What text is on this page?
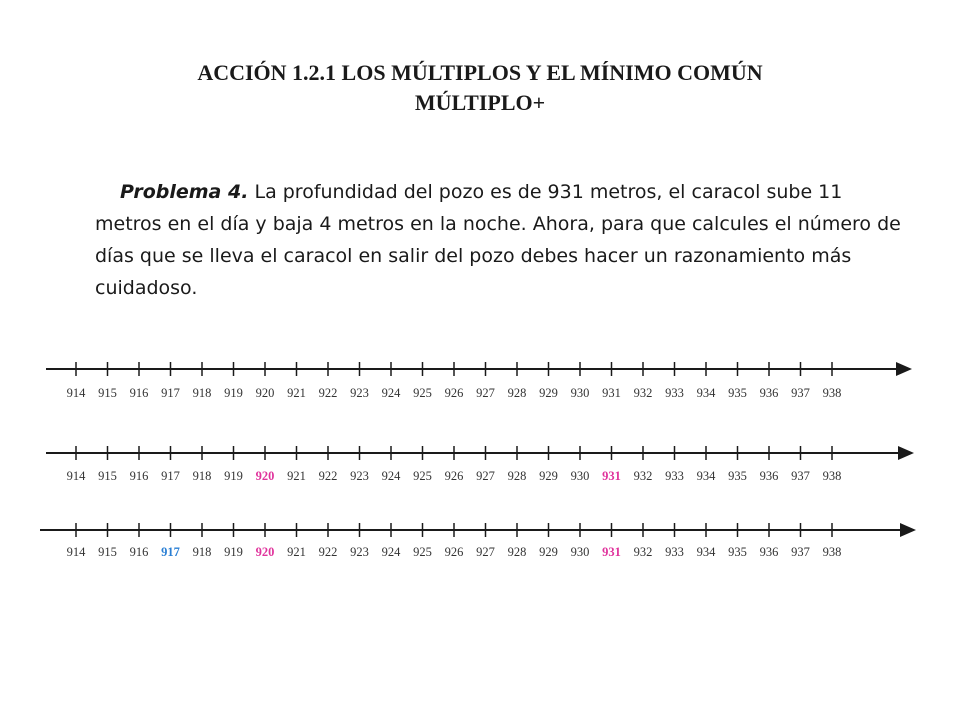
ACCIÓN 1.2.1 LOS MÚLTIPLOS Y EL MÍNIMO COMÚN
MÚLTIPLO+
Problema 4. La profundidad del pozo es de 931 metros, el caracol sube 11 metros en el día y baja 4 metros en la noche. Ahora, para que calcules el número de días que se lleva el caracol en salir del pozo debes hacer un razonamiento más cuidadoso.
914 915 916 917 918 919 920 921 922 923 924 925 926 927 928 929 930 931 932 933 934 935 936 937 938
914 915 916 917 918 919 920 921 922 923 924 925 926 927 928 929 930 931 932 933 934 935 936 937 938
914 915 916 917 918 919 920 921 922 923 924 925 926 927 928 929 930 931 932 933 934 935 936 937 938
